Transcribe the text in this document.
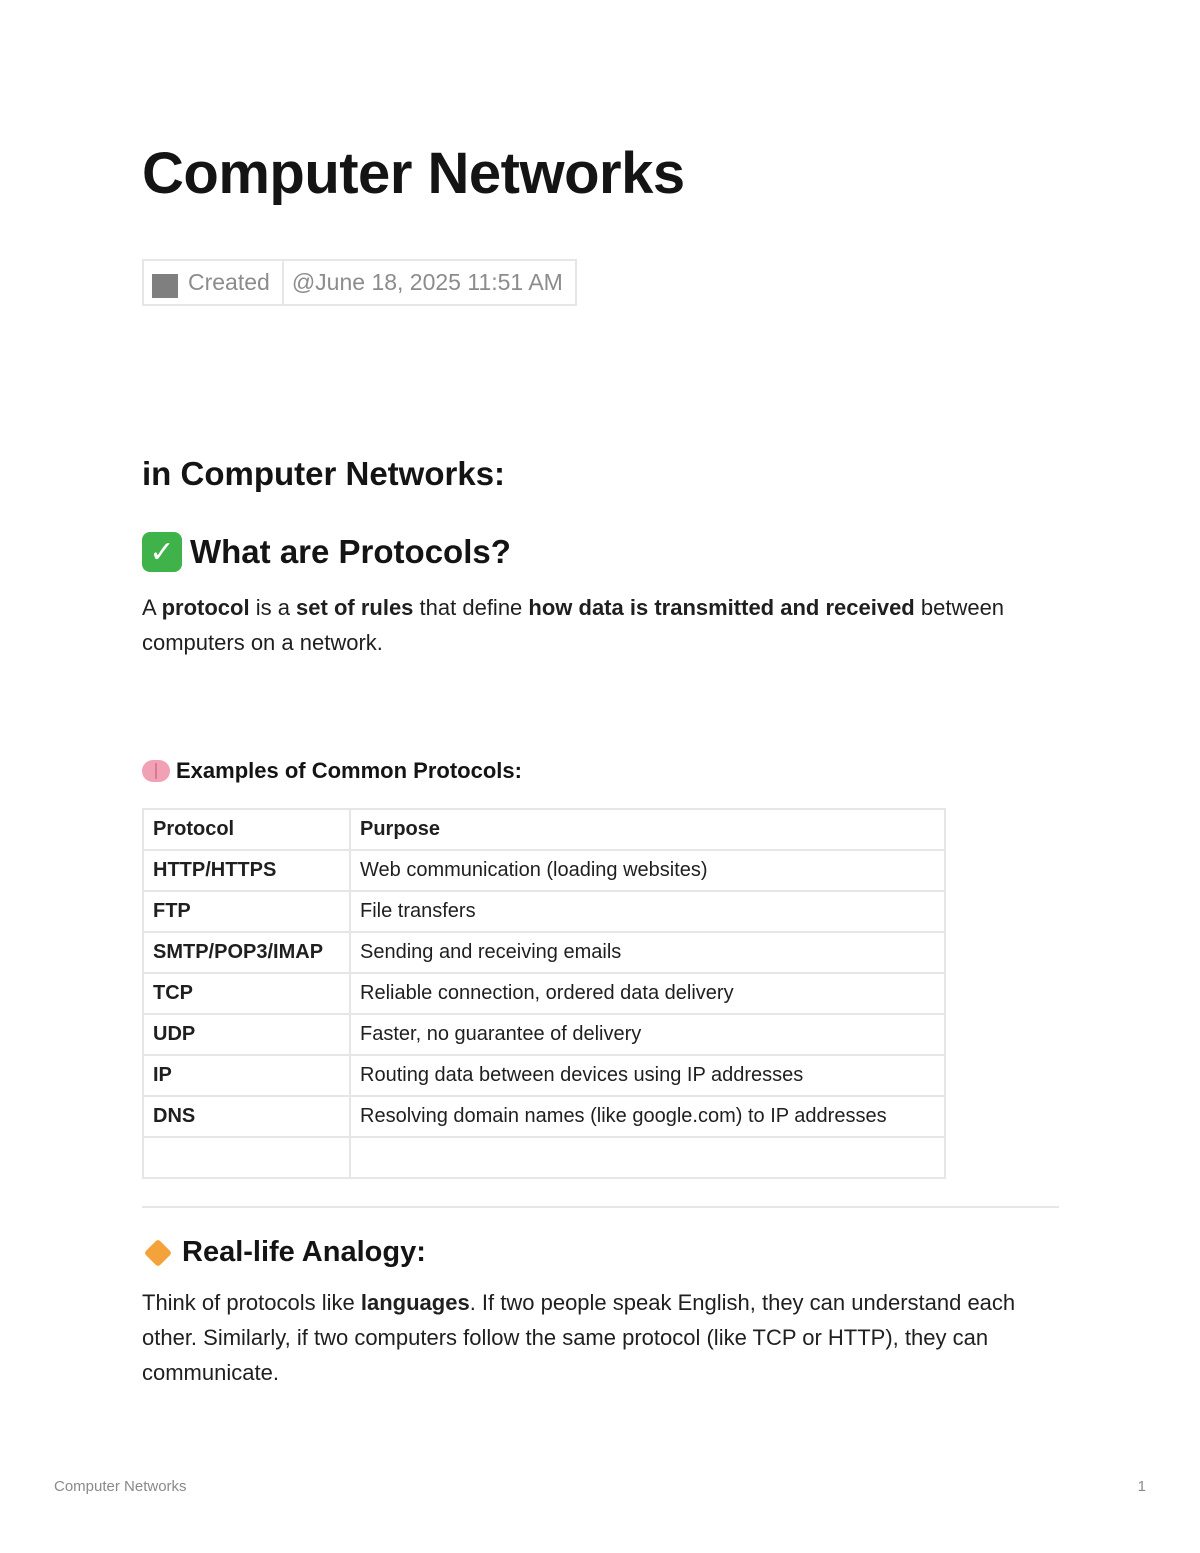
Computer Networks
Created @June 18, 2025 11:51 AM
in Computer Networks:
✓ What are Protocols?

A protocol is a set of rules that define how data is transmitted and received between computers on a network.

Examples of Common Protocols:
Protocol	Purpose
HTTP/HTTPS	Web communication (loading websites)
FTP	File transfers
SMTP/POP3/IMAP	Sending and receiving emails
TCP	Reliable connection, ordered data delivery
UDP	Faster, no guarantee of delivery
IP	Routing data between devices using IP addresses
DNS	Resolving domain names (like google.com) to IP addresses

Real-life Analogy:

Think of protocols like languages. If two people speak English, they can understand each other. Similarly, if two computers follow the same protocol (like TCP or HTTP), they can communicate.

Computer Networks	1
